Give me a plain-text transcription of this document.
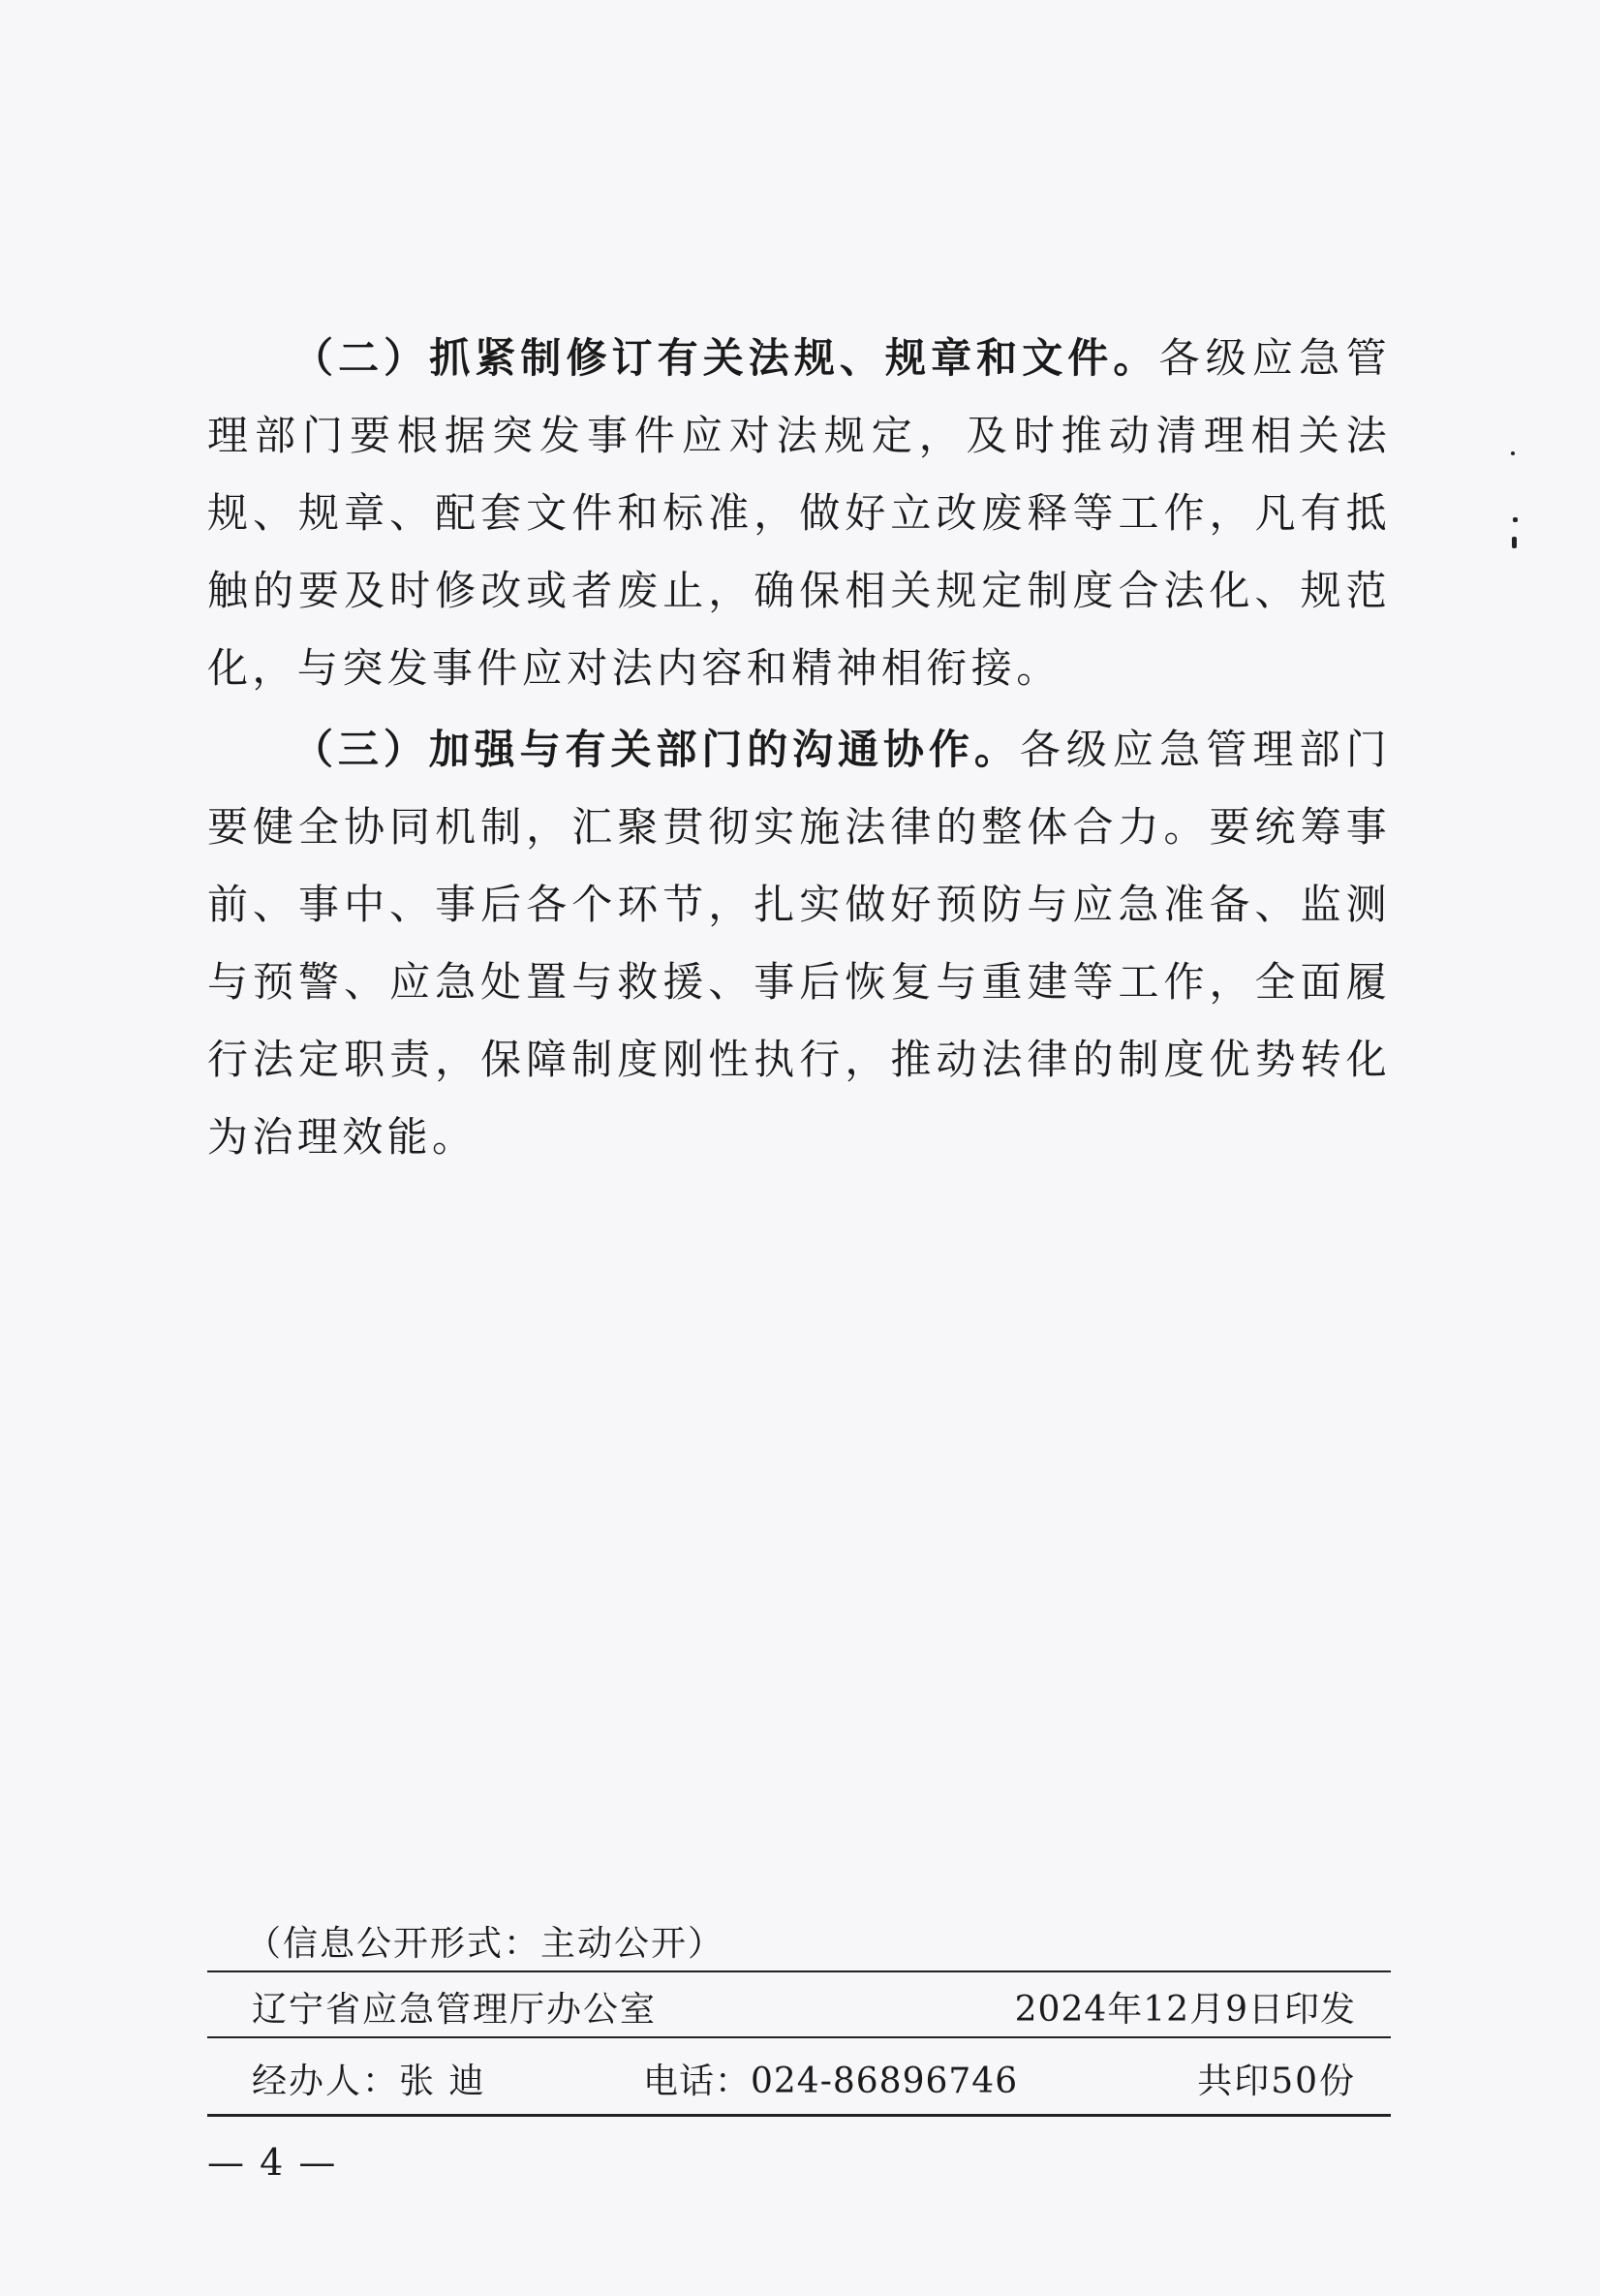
（二）抓紧制修订有关法规、规章和文件。各级应急管理部门要根据突发事件应对法规定，及时推动清理相关法规、规章、配套文件和标准，做好立改废释等工作，凡有抵触的要及时修改或者废止，确保相关规定制度合法化、规范化，与突发事件应对法内容和精神相衔接。

（三）加强与有关部门的沟通协作。各级应急管理部门要健全协同机制，汇聚贯彻实施法律的整体合力。要统筹事前、事中、事后各个环节，扎实做好预防与应急准备、监测与预警、应急处置与救援、事后恢复与重建等工作，全面履行法定职责，保障制度刚性执行，推动法律的制度优势转化为治理效能。

（信息公开形式：主动公开）
辽宁省应急管理厅办公室	2024年12月9日印发
经办人：张 迪	电话：024-86896746	共印50份
— 4 —
